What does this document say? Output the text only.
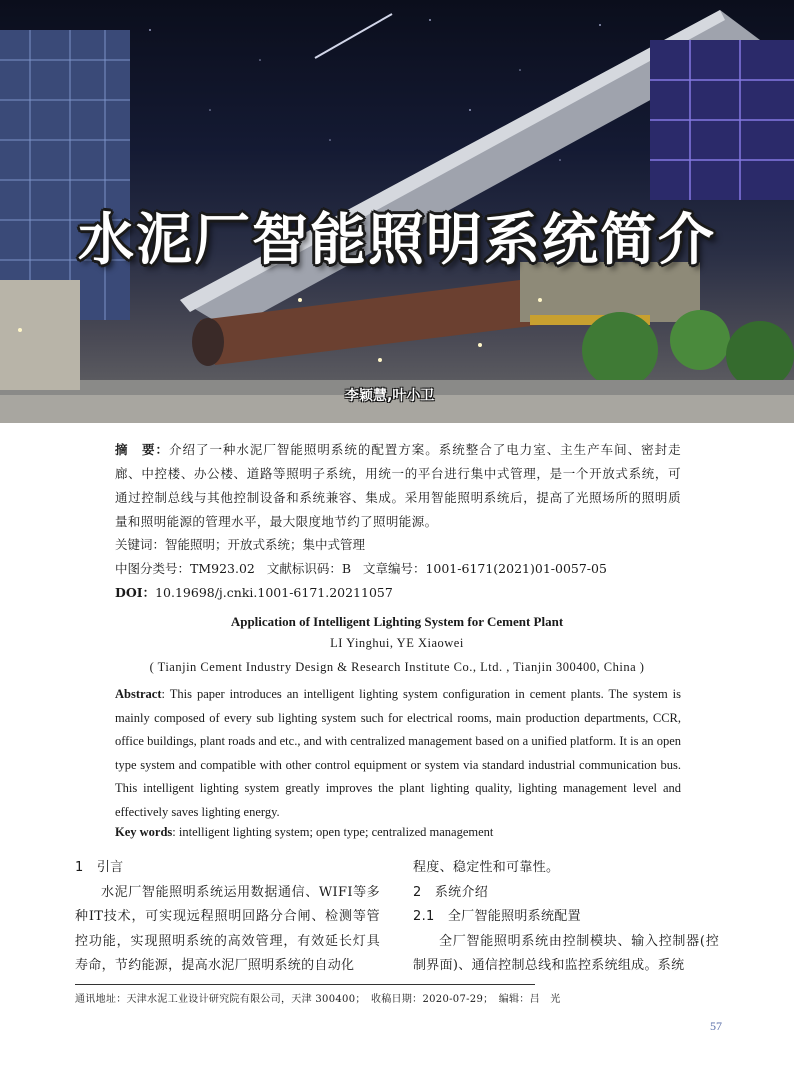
水泥厂智能照明系统简介
李颖慧,叶小卫
摘　要：介绍了一种水泥厂智能照明系统的配置方案。系统整合了电力室、主生产车间、密封走廊、中控楼、办公楼、道路等照明子系统，用统一的平台进行集中式管理，是一个开放式系统，可通过控制总线与其他控制设备和系统兼容、集成。采用智能照明系统后，提高了光照场所的照明质量和照明能源的管理水平，最大限度地节约了照明能源。
关键词：智能照明；开放式系统；集中式管理
中图分类号：TM923.02 文献标识码：B 文章编号：1001-6171(2021)01-0057-05
DOI：10.19698/j.cnki.1001-6171.20211057
Application of Intelligent Lighting System for Cement Plant
LI Yinghui, YE Xiaowei
( Tianjin Cement Industry Design & Research Institute Co., Ltd. , Tianjin 300400, China )
Abstract: This paper introduces an intelligent lighting system configuration in cement plants. The system is mainly composed of every sub lighting system such for electrical rooms, main production departments, CCR, office buildings, plant roads and etc., and with centralized management based on a unified platform. It is an open type system and compatible with other control equipment or system via standard industrial communication bus. This intelligent lighting system greatly improves the plant lighting quality, lighting management level and effectively saves lighting energy.
Key words: intelligent lighting system; open type; centralized management

1　引言

水泥厂智能照明系统运用数据通信、WIFI等多种IT技术，可实现远程照明回路分合闸、检测等管控功能，实现照明系统的高效管理，有效延长灯具寿命，节约能源，提高水泥厂照明系统的自动化

程度、稳定性和可靠性。

2　系统介绍

2.1　全厂智能照明系统配置

全厂智能照明系统由控制模块、输入控制器(控制界面)、通信控制总线和监控系统组成。系统

通讯地址：天津水泥工业设计研究院有限公司，天津 300400；　收稿日期：2020-07-29；　编辑：吕　光
57
